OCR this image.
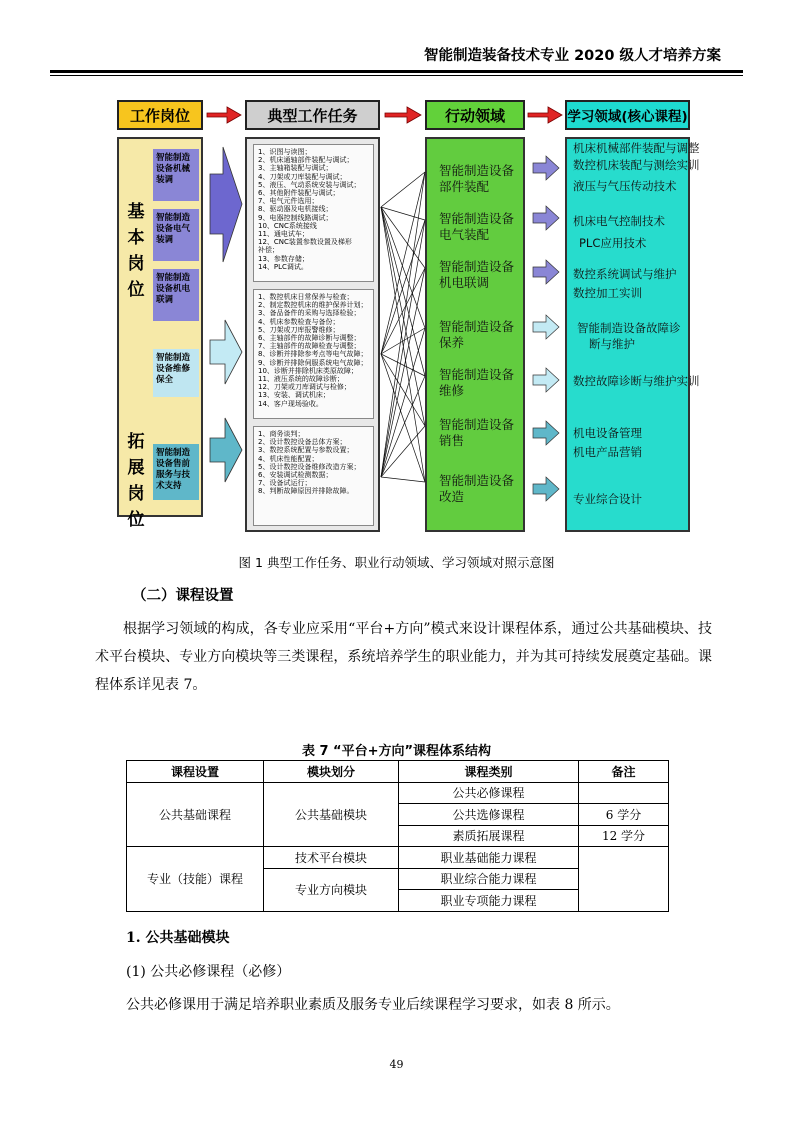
智能制造装备技术专业 2020 级人才培养方案
工作岗位	典型工作任务	行动领域	学习领域(核心课程)
基本岗位
拓展岗位
智能制造设备机械装调
智能制造设备电气装调
智能制造设备机电联调
智能制造设备维修保全
智能制造设备售前服务与技术支持
1、识图与读图；
2、机床通轴部件装配与调试；
3、主轴箱装配与调试；
4、刀架或刀库装配与调试；
5、液压、气动系统安装与调试；
6、其他附件装配与调试；
7、电气元件选用；
8、驱动器及电机接线；
9、电器控制线路调试；
10、CNC系统接线
11、通电试车；
12、CNC装置参数设置及梯形
补偿；
13、参数存储；
14、PLC调试。
1、数控机床日常保养与检查；
2、制定数控机床的维护保养计划；
3、备品备件的采购与选择检验；
4、机床参数检查与备份；
5、刀架或刀库报警维修；
6、主轴部件的故障诊断与调整；
7、主轴部件的故障检查与调整；
8、诊断并排除参考点等电气故障；
9、诊断并排除伺服系统电气故障；
10、诊断并排除机床类原故障；
11、液压系统的故障诊断；
12、刀架或刀库调试与检修；
13、安装、调试机床；
14、客户现场验收。
1、商务谈判；
2、设计数控设备总体方案；
3、数控系统配置与参数设置；
4、机床性能配置；
5、设计数控设备维修改造方案；
6、安装调试检测数据；
7、设备试运行；
8、判断故障原因并排除故障。
智能制造设备部件装配
智能制造设备电气装配
智能制造设备机电联调
智能制造设备保养
智能制造设备维修
智能制造设备销售
智能制造设备改造
机床机械部件装配与调整
数控机床装配与测绘实训
液压与气压传动技术
机床电气控制技术
PLC应用技术
数控系统调试与维护
数控加工实训
智能制造设备故障诊
断与维护
数控故障诊断与维护实训
机电设备管理
机电产品营销
专业综合设计
图 1 典型工作任务、职业行动领域、学习领域对照示意图
（二）课程设置
根据学习领域的构成，各专业应采用“平台+方向”模式来设计课程体系，通过公共基础模块、技术平台模块、专业方向模块等三类课程，系统培养学生的职业能力，并为其可持续发展奠定基础。课程体系详见表 7。
表 7 “平台+方向”课程体系结构
课程设置	模块划分	课程类别	备注
公共基础课程	公共基础模块	公共必修课程	
		公共选修课程	6 学分
		素质拓展课程	12 学分
专业（技能）课程	技术平台模块	职业基础能力课程	
	专业方向模块	职业综合能力课程	
		职业专项能力课程	
1. 公共基础模块
(1) 公共必修课程（必修）
公共必修课用于满足培养职业素质及服务专业后续课程学习要求，如表 8 所示。
49
